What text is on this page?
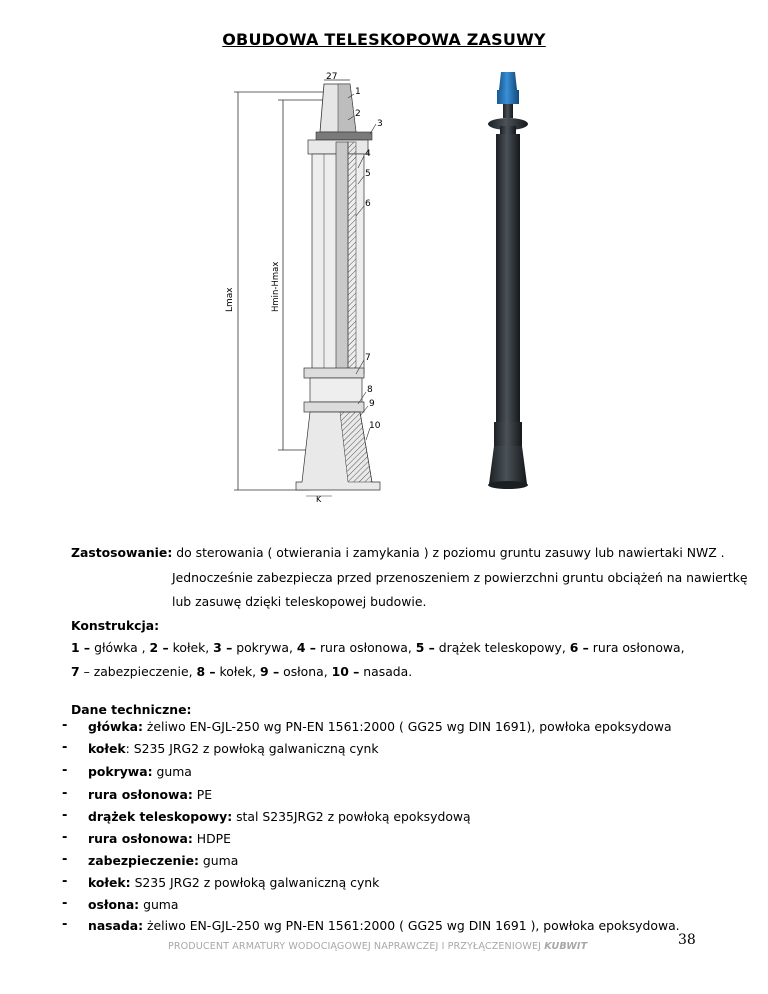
OBUDOWA TELESKOPOWA ZASUWY
27
Lmax	Hmin-Hmax
K
1
2
3
4
5
6
7
8
9
10
Zastosowanie: do sterowania ( otwierania i zamykania ) z poziomu gruntu zasuwy lub nawiertaki NWZ .
Jednocześnie zabezpiecza przed przenoszeniem z powierzchni gruntu obciążeń na nawiertkę
lub zasuwę dzięki teleskopowej budowie.
Konstrukcja:
1 – główka , 2 – kołek, 3 – pokrywa, 4 – rura osłonowa, 5 – drążek teleskopowy, 6 – rura osłonowa,
7 – zabezpieczenie, 8 – kołek, 9 – osłona, 10 – nasada.
Dane techniczne:
- główka: żeliwo EN-GJL-250 wg PN-EN 1561:2000 ( GG25 wg DIN 1691), powłoka epoksydowa
- kołek: S235 JRG2 z powłoką galwaniczną cynk
- pokrywa: guma
- rura osłonowa: PE
- drążek teleskopowy: stal S235JRG2 z powłoką epoksydową
- rura osłonowa: HDPE
- zabezpieczenie: guma
- kołek: S235 JRG2 z powłoką galwaniczną cynk
- osłona: guma
- nasada: żeliwo EN-GJL-250 wg PN-EN 1561:2000 ( GG25 wg DIN 1691 ), powłoka epoksydowa.
PRODUCENT ARMATURY WODOCIĄGOWEJ NAPRAWCZEJ I PRZYŁĄCZENIOWEJ KUBWIT	38
